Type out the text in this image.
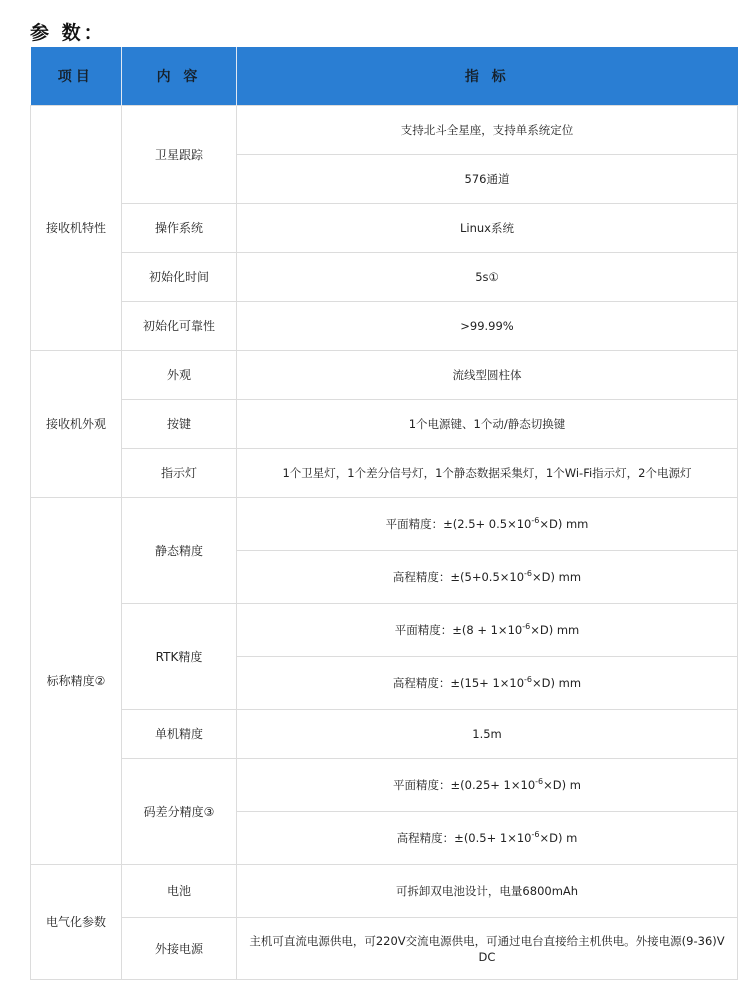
参 数：
项目	内 容	指 标
接收机特性	卫星跟踪	支持北斗全星座，支持单系统定位
		576通道
	操作系统	Linux系统
	初始化时间	5s①
	初始化可靠性	>99.99%
接收机外观	外观	流线型圆柱体
	按键	1个电源键、1个动/静态切换键
	指示灯	1个卫星灯，1个差分信号灯，1个静态数据采集灯，1个Wi-Fi指示灯，2个电源灯
标称精度②	静态精度	平面精度：$\pm(2.5+ 0.5\times 10^{-6}\times D)$ mm
		高程精度：$\pm(5+0.5\times 10^{-6}\times D)$ mm
	RTK精度	平面精度：$\pm(8 + 1\times 10^{-6}\times D)$ mm
		高程精度：$\pm(15+ 1\times 10^{-6}\times D)$ mm
	单机精度	1.5m
	码差分精度③	平面精度：$\pm(0.25+ 1\times 10^{-6}\times D)$ m
		高程精度：$\pm(0.5+ 1\times 10^{-6}\times D)$ m
电气化参数	电池	可拆卸双电池设计，电量6800mAh
	外接电源	主机可直流电源供电，可220V交流电源供电，可通过电台直接给主机供电。外接电源(9-36)V DC
